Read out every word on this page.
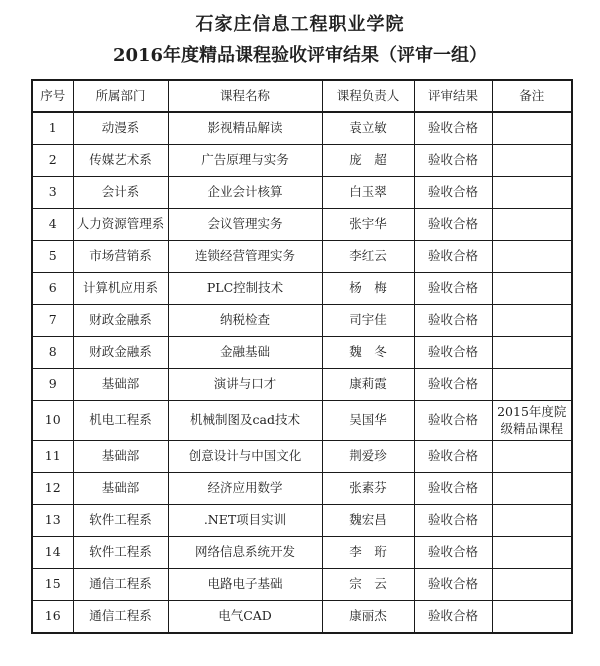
石家庄信息工程职业学院
2016年度精品课程验收评审结果（评审一组）
序号	所属部门	课程名称	课程负责人	评审结果	备注
1	动漫系	影视精品解读	袁立敏	验收合格	
2	传媒艺术系	广告原理与实务	庞　超	验收合格	
3	会计系	企业会计核算	白玉翠	验收合格	
4	人力资源管理系	会议管理实务	张宇华	验收合格	
5	市场营销系	连锁经营管理实务	李红云	验收合格	
6	计算机应用系	PLC控制技术	杨　梅	验收合格	
7	财政金融系	纳税检查	司宇佳	验收合格	
8	财政金融系	金融基础	魏　冬	验收合格	
9	基础部	演讲与口才	康莉霞	验收合格	
10	机电工程系	机械制图及cad技术	吴国华	验收合格	2015年度院级精品课程
11	基础部	创意设计与中国文化	荆爱珍	验收合格	
12	基础部	经济应用数学	张素芬	验收合格	
13	软件工程系	.NET项目实训	魏宏昌	验收合格	
14	软件工程系	网络信息系统开发	李　珩	验收合格	
15	通信工程系	电路电子基础	宗　云	验收合格	
16	通信工程系	电气CAD	康丽杰	验收合格	
